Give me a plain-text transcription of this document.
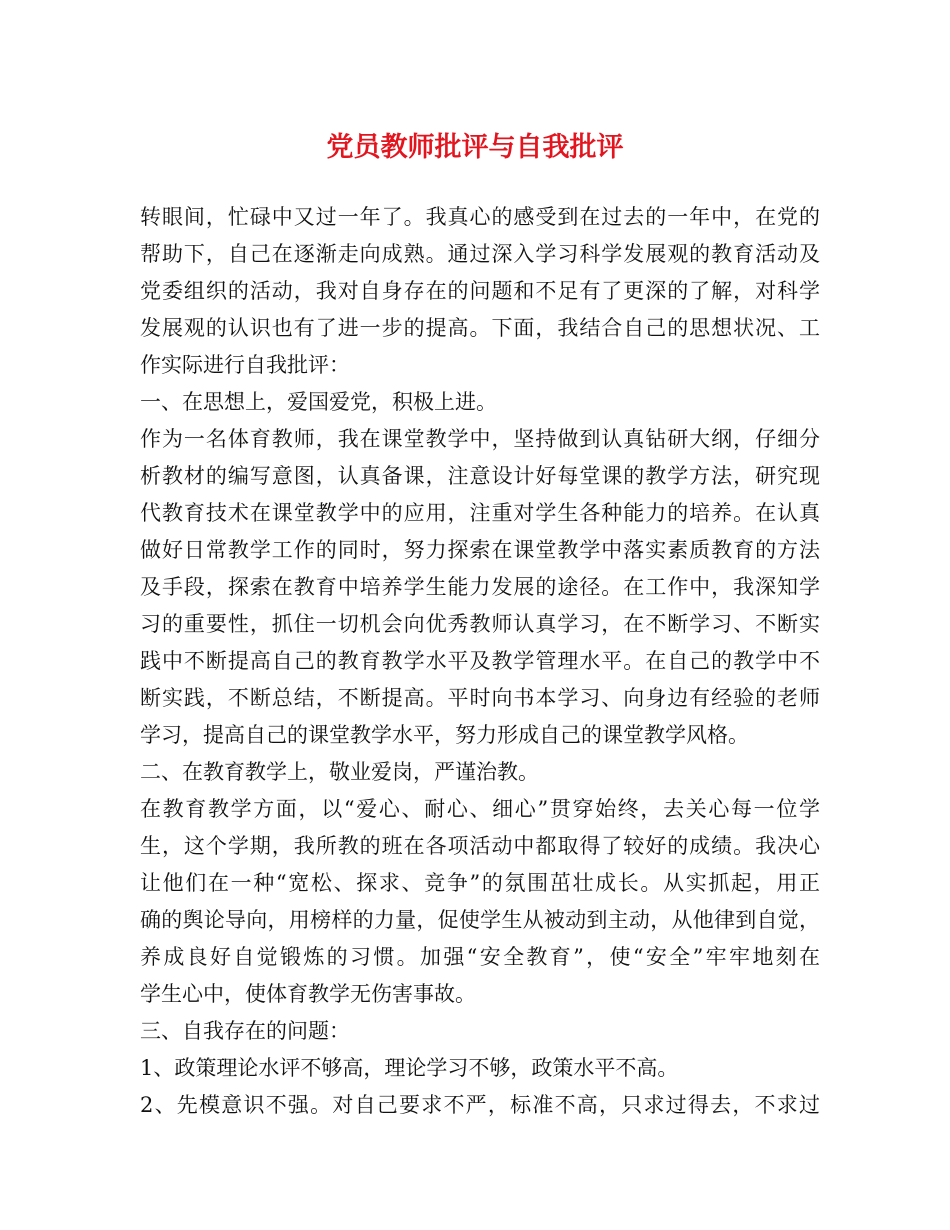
党员教师批评与自我批评
转眼间，忙碌中又过一年了。我真心的感受到在过去的一年中，在党的
帮助下，自己在逐渐走向成熟。通过深入学习科学发展观的教育活动及
党委组织的活动，我对自身存在的问题和不足有了更深的了解，对科学
发展观的认识也有了进一步的提高。下面，我结合自己的思想状况、工
作实际进行自我批评：
一、在思想上，爱国爱党，积极上进。
作为一名体育教师，我在课堂教学中，坚持做到认真钻研大纲，仔细分
析教材的编写意图，认真备课，注意设计好每堂课的教学方法，研究现
代教育技术在课堂教学中的应用，注重对学生各种能力的培养。在认真
做好日常教学工作的同时，努力探索在课堂教学中落实素质教育的方法
及手段，探索在教育中培养学生能力发展的途径。在工作中，我深知学
习的重要性，抓住一切机会向优秀教师认真学习，在不断学习、不断实
践中不断提高自己的教育教学水平及教学管理水平。在自己的教学中不
断实践，不断总结，不断提高。平时向书本学习、向身边有经验的老师
学习，提高自己的课堂教学水平，努力形成自己的课堂教学风格。
二、在教育教学上，敬业爱岗，严谨治教。
在教育教学方面，以“爱心、耐心、细心”贯穿始终，去关心每一位学
生，这个学期，我所教的班在各项活动中都取得了较好的成绩。我决心
让他们在一种“宽松、探求、竞争”的氛围茁壮成长。从实抓起，用正
确的舆论导向，用榜样的力量，促使学生从被动到主动，从他律到自觉，
养成良好自觉锻炼的习惯。加强“安全教育”，使“安全”牢牢地刻在
学生心中，使体育教学无伤害事故。
三、自我存在的问题：
1、政策理论水评不够高，理论学习不够，政策水平不高。
2、先模意识不强。对自己要求不严，标准不高，只求过得去，不求过
